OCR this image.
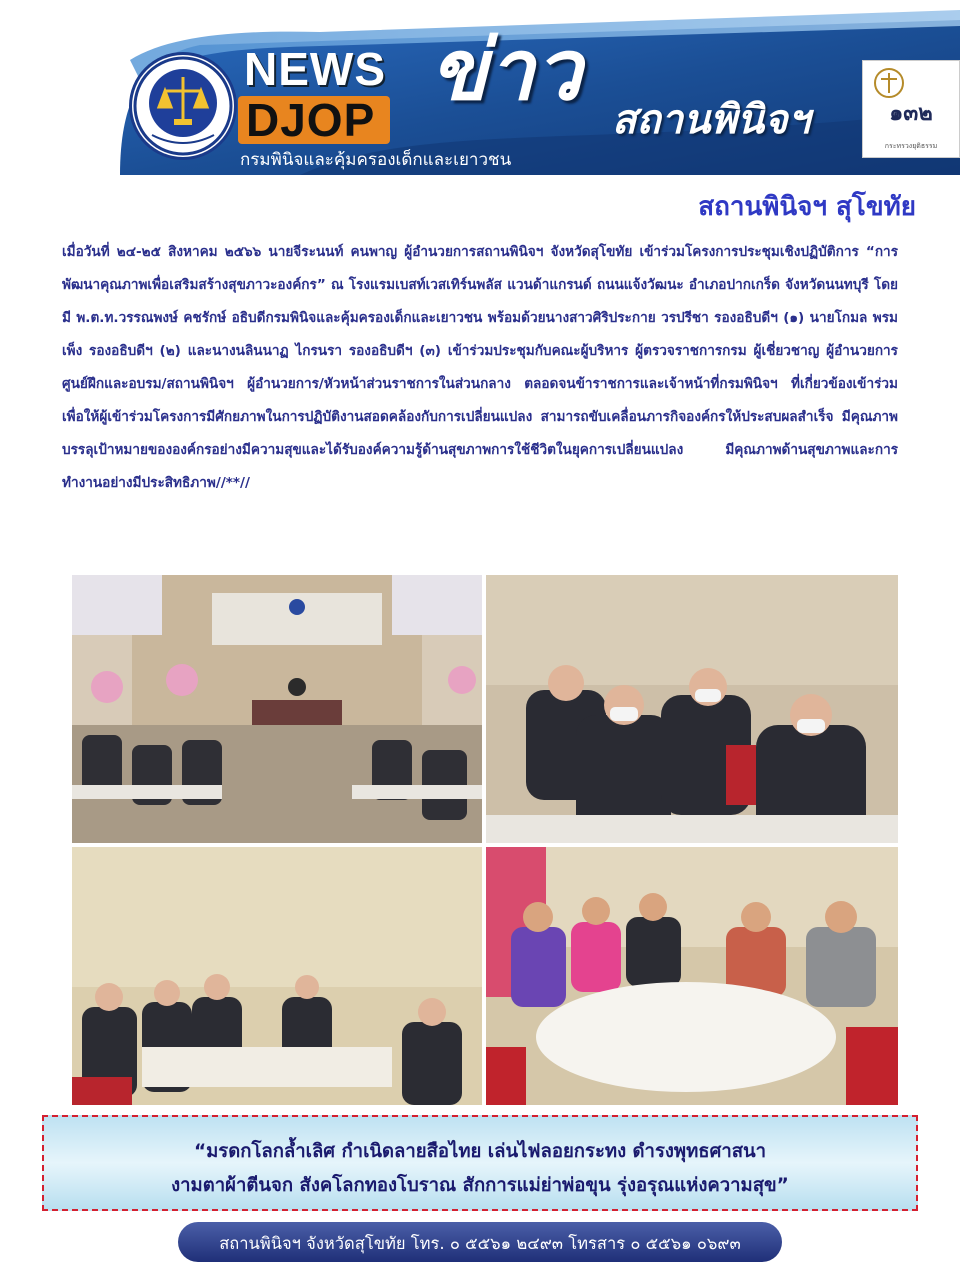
NEWS
DJOP
กรมพินิจและคุ้มครองเด็กและเยาวชน
ข่าว
สถานพินิจฯ	๑๓๒
กระทรวงยุติธรรม
สถานพินิจฯ สุโขทัย
เมื่อวันที่ ๒๔-๒๕ สิงหาคม ๒๕๖๖ นายจีระนนท์ คนพาญ ผู้อำนวยการสถานพินิจฯ จังหวัดสุโขทัย เข้าร่วมโครงการประชุมเชิงปฏิบัติการ “การพัฒนาคุณภาพเพื่อเสริมสร้างสุขภาวะองค์กร” ณ โรงแรมเบสท์เวสเทิร์นพลัส แวนด้าแกรนด์ ถนนแจ้งวัฒนะ อำเภอปากเกร็ด จังหวัดนนทบุรี โดยมี พ.ต.ท.วรรณพงษ์ คชรักษ์ อธิบดีกรมพินิจและคุ้มครองเด็กและเยาวชน พร้อมด้วยนางสาวศิริประกาย วรปรีชา รองอธิบดีฯ (๑) นายโกมล พรมเพ็ง รองอธิบดีฯ (๒) และนางนลินนาฏ ไกรนรา รองอธิบดีฯ (๓) เข้าร่วมประชุมกับคณะผู้บริหาร ผู้ตรวจราชการกรม ผู้เชี่ยวชาญ ผู้อำนวยการศูนย์ฝึกและอบรม/สถานพินิจฯ ผู้อำนวยการ/หัวหน้าส่วนราชการในส่วนกลาง ตลอดจนข้าราชการและเจ้าหน้าที่กรมพินิจฯ ที่เกี่ยวข้องเข้าร่วม เพื่อให้ผู้เข้าร่วมโครงการมีศักยภาพในการปฏิบัติงานสอดคล้องกับการเปลี่ยนแปลง สามารถขับเคลื่อนภารกิจองค์กรให้ประสบผลสำเร็จ มีคุณภาพ บรรลุเป้าหมายขององค์กรอย่างมีความสุขและได้รับองค์ความรู้ด้านสุขภาพการใช้ชีวิตในยุคการเปลี่ยนแปลง มีคุณภาพด้านสุขภาพและการทำงานอย่างมีประสิทธิภาพ//**//
“มรดกโลกล้ำเลิศ กำเนิดลายสือไทย เล่นไฟลอยกระทง ดำรงพุทธศาสนา
งามตาผ้าตีนจก สังคโลกทองโบราณ สักการแม่ย่าพ่อขุน รุ่งอรุณแห่งความสุข”
สถานพินิจฯ จังหวัดสุโขทัย โทร. ๐ ๕๕๖๑ ๒๔๙๓ โทรสาร ๐ ๕๕๖๑ ๐๖๙๓
